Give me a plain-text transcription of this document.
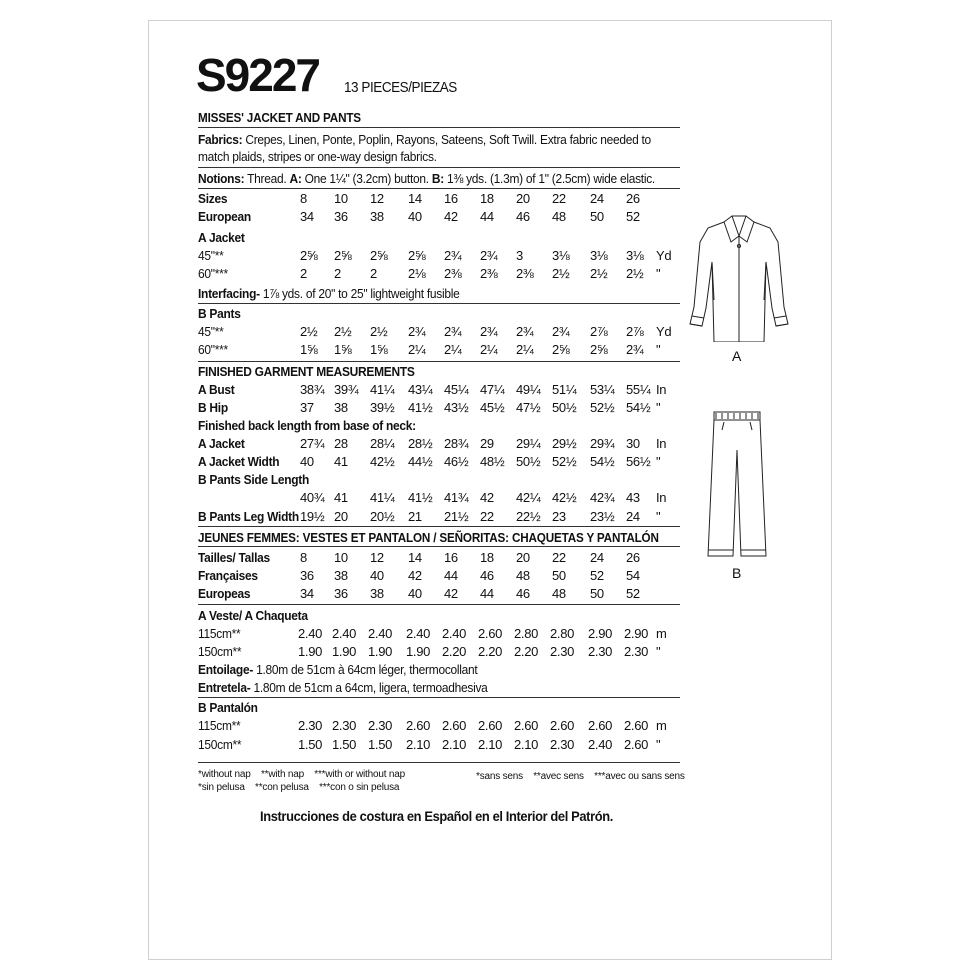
S9227 13 PIECES/PIEZAS
MISSES' JACKET AND PANTS
Fabrics: Crepes, Linen, Ponte, Poplin, Rayons, Sateens, Soft Twill. Extra fabric needed to
match plaids, stripes or one-way design fabrics.
Notions: Thread. A: One 1¼" (3.2cm) button. B: 1⅜ yds. (1.3m) of 1" (2.5cm) wide elastic.
Sizes	8 10 12 14 16 18 20 22 24 26
European	34 36 38 40 42 44 46 48 50 52
A Jacket
45"**	2⅝ 2⅝ 2⅝ 2⅝ 2¾ 2¾ 3 3⅛ 3⅛ 3⅛ Yd
60"***	2 2 2 2⅛ 2⅜ 2⅜ 2⅜ 2½ 2½ 2½ "
B Pants
45"**	2½ 2½ 2½ 2¾ 2¾ 2¾ 2¾ 2¾ 2⅞ 2⅞ Yd
60"***	1⅝ 1⅝ 1⅝ 2¼ 2¼ 2¼ 2¼ 2⅝ 2⅝ 2¾ "
FINISHED GARMENT MEASUREMENTS
A Bust	38¾ 39¾ 41¼ 43¼ 45¼ 47¼ 49¼ 51¼ 53¼ 55¼ In
B Hip	37 38 39½ 41½ 43½ 45½ 47½ 50½ 52½ 54½ "
Finished back length from base of neck:
A Jacket	27¾ 28 28¼ 28½ 28¾ 29 29¼ 29½ 29¾ 30 In
A Jacket Width 40 41 42½ 44½ 46½ 48½ 50½ 52½ 54½ 56½ "
B Pants Side Length
40¾ 41 41¼ 41½ 41¾ 42 42¼ 42½ 42¾ 43 In
B Pants Leg Width 19½ 20 20½ 21 21½ 22 22½ 23 23½ 24 "
Tailles/ Tallas 8 10 12 14 16 18 20 22 24 26
Françaises	36 38 40 42 44 46 48 50 52 54
Europeas	34 36 38 40 42 44 46 48 50 52
A Veste/ A Chaqueta
115cm**	2.40 2.40 2.40 2.40 2.40 2.60 2.80 2.80 2.90 2.90 m
150cm**	1.90 1.90 1.90 1.90 2.20 2.20 2.20 2.30 2.30 2.30 "
B Pantalón
115cm**	2.30 2.30 2.30 2.60 2.60 2.60 2.60 2.60 2.60 2.60 m
150cm**	1.50 1.50 1.50 2.10 2.10 2.10 2.10 2.30 2.40 2.60 "
Interfacing- 1⅞ yds. of 20" to 25" lightweight fusible
JEUNES FEMMES: VESTES ET PANTALON / SEÑORITAS: CHAQUETAS Y PANTALÓN
Entoilage- 1.80m de 51cm à 64cm léger, thermocollant
Entretela- 1.80m de 51cm a 64cm, ligera, termoadhesiva
*without nap    **with nap    ***with or without nap
*sin pelusa    **con pelusa    ***con o sin pelusa
*sans sens    **avec sens    ***avec ou sans sens
Instrucciones de costura en Español en el Interior del Patrón.
A
B
